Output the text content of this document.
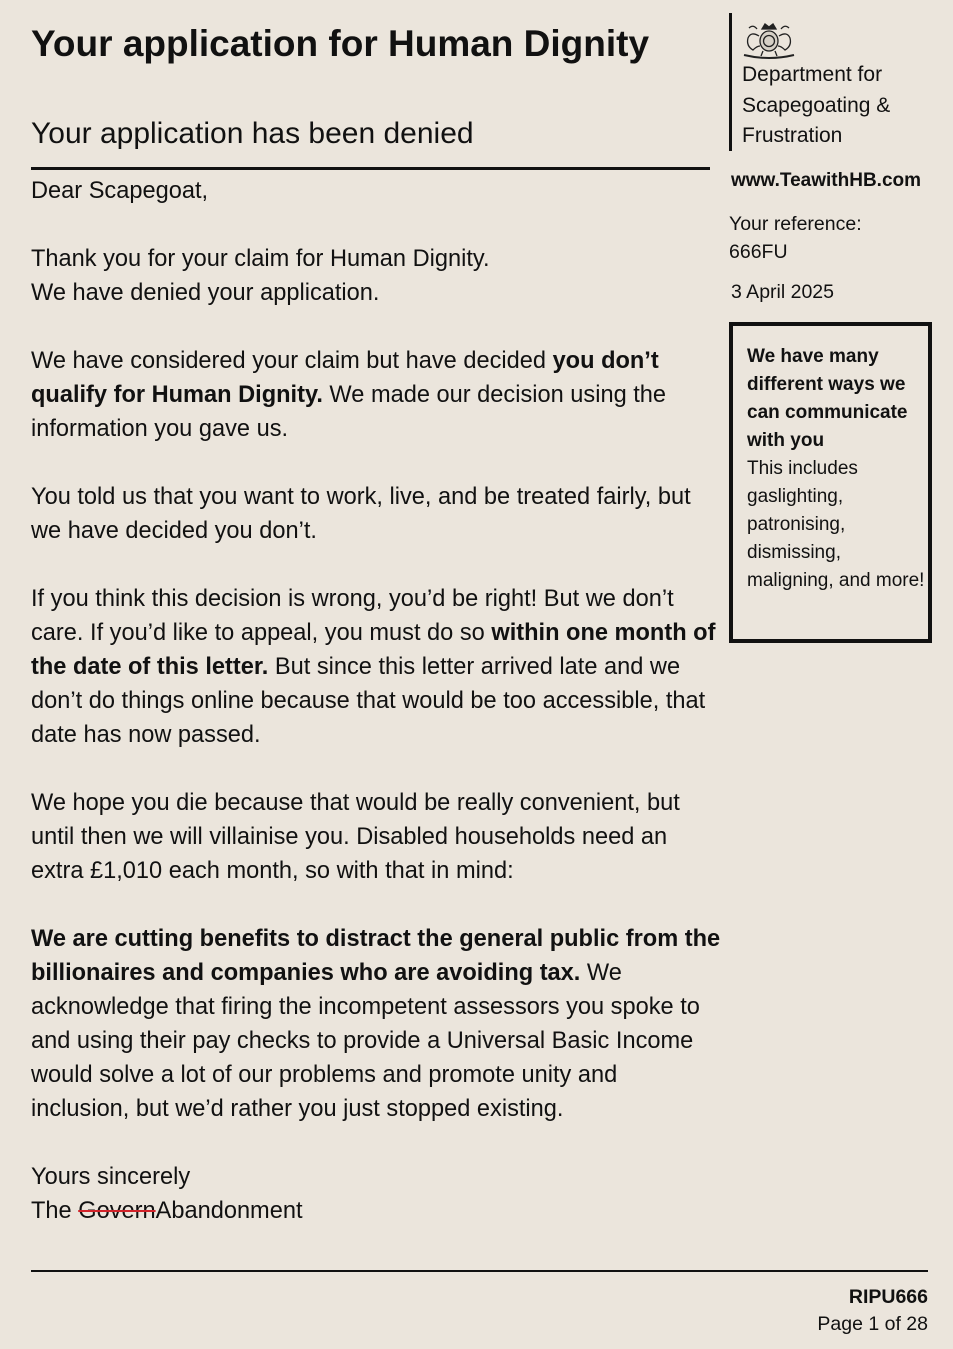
Your application for Human Dignity
Your application has been denied

Dear Scapegoat,

Thank you for your claim for Human Dignity.
We have denied your application.

We have considered your claim but have decided you don’t qualify for Human Dignity. We made our decision using the information you gave us.

You told us that you want to work, live, and be treated fairly, but we have decided you don’t.

If you think this decision is wrong, you’d be right! But we don’t care. If you’d like to appeal, you must do so within one month of the date of this letter. But since this letter arrived late and we don’t do things online because that would be too accessible, that date has now passed.

We hope you die because that would be really convenient, but until then we will villainise you. Disabled households need an extra £1,010 each month, so with that in mind:

We are cutting benefits to distract the general public from the billionaires and companies who are avoiding tax. We acknowledge that firing the incompetent assessors you spoke to and using their pay checks to provide a Universal Basic Income would solve a lot of our problems and promote unity and inclusion, but we’d rather you just stopped existing.

Yours sincerely
The GovernAbandonment

Department for Scapegoating & Frustration
www.TeawithHB.com
Your reference:
666FU
3 April 2025
We have many different ways we can communicate with you
This includes gaslighting, patronising, dismissing, maligning, and more!
RIPU666
Page 1 of 28
